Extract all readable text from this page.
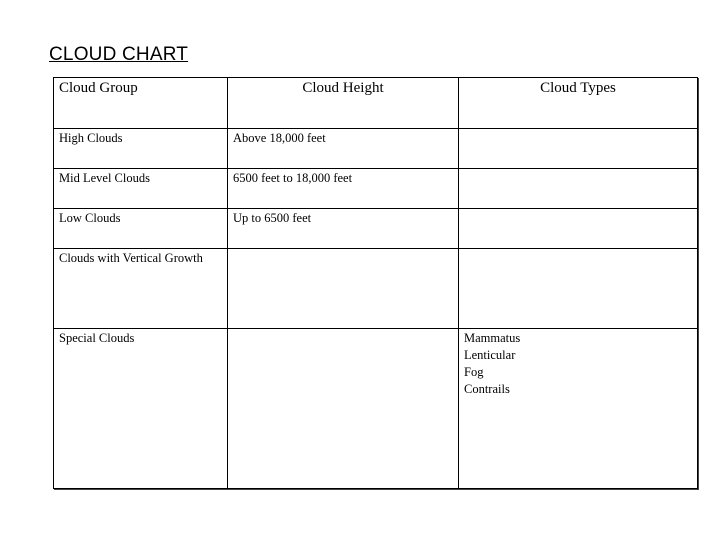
CLOUD CHART
Cloud Group	Cloud Height	Cloud Types
High Clouds	Above 18,000 feet	
Mid Level Clouds	6500 feet to 18,000 feet	
Low Clouds	Up to 6500 feet	
Clouds with Vertical Growth		
Special Clouds		Mammatus
Lenticular
Fog
Contrails
